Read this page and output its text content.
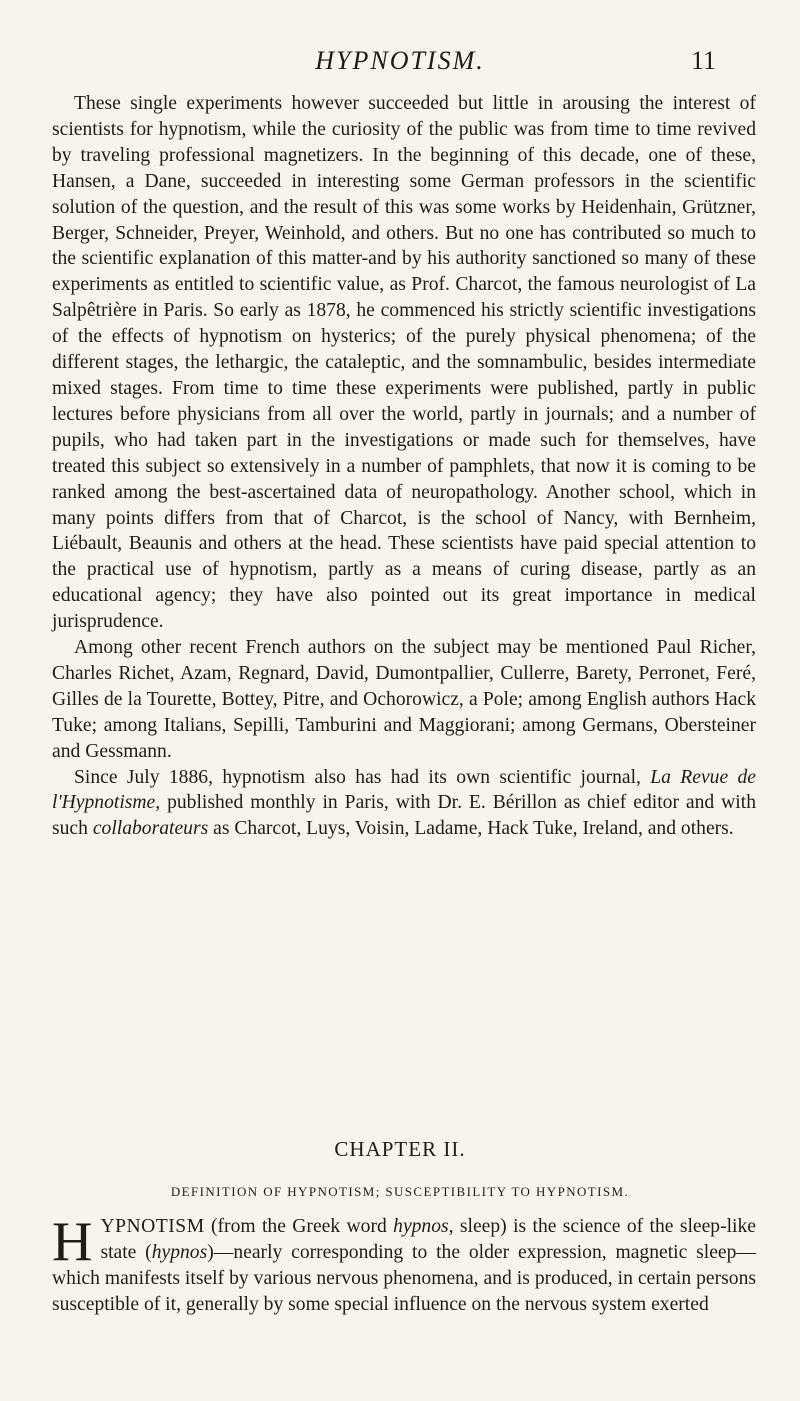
HYPNOTISM.	11

These single experiments however succeeded but little in arousing the interest of scientists for hypnotism, while the curiosity of the public was from time to time revived by traveling professional magnetizers. In the beginning of this decade, one of these, Hansen, a Dane, succeeded in interesting some German professors in the scientific solution of the question, and the result of this was some works by Heidenhain, Grützner, Berger, Schneider, Preyer, Weinhold, and others. But no one has contributed so much to the scientific explanation of this matter-and by his authority sanctioned so many of these experiments as entitled to scientific value, as Prof. Charcot, the famous neurologist of La Salpêtrière in Paris. So early as 1878, he commenced his strictly scientific investigations of the effects of hypnotism on hysterics; of the purely physical phenomena; of the different stages, the lethargic, the cataleptic, and the somnambulic, besides intermediate mixed stages. From time to time these experiments were published, partly in public lectures before physicians from all over the world, partly in journals; and a number of pupils, who had taken part in the investigations or made such for themselves, have treated this subject so extensively in a number of pamphlets, that now it is coming to be ranked among the best-ascertained data of neuropathology. Another school, which in many points differs from that of Charcot, is the school of Nancy, with Bernheim, Liébault, Beaunis and others at the head. These scientists have paid special attention to the practical use of hypnotism, partly as a means of curing disease, partly as an educational agency; they have also pointed out its great importance in medical jurisprudence.

Among other recent French authors on the subject may be mentioned Paul Richer, Charles Richet, Azam, Regnard, David, Dumontpallier, Cullerre, Barety, Perronet, Feré, Gilles de la Tourette, Bottey, Pitre, and Ochorowicz, a Pole; among English authors Hack Tuke; among Italians, Sepilli, Tamburini and Maggiorani; among Germans, Obersteiner and Gessmann.

Since July 1886, hypnotism also has had its own scientific journal, La Revue de l'Hypnotisme, published monthly in Paris, with Dr. E. Bérillon as chief editor and with such collaborateurs as Charcot, Luys, Voisin, Ladame, Hack Tuke, Ireland, and others.

CHAPTER II.
DEFINITION OF HYPNOTISM; SUSCEPTIBILITY TO HYPNOTISM.
HYPNOTISM (from the Greek word hypnos, sleep) is the science of the sleep-like state (hypnos)—nearly corresponding to the older expression, magnetic sleep—which manifests itself by various nervous phenomena, and is produced, in certain persons susceptible of it, generally by some special influence on the nervous system exerted
